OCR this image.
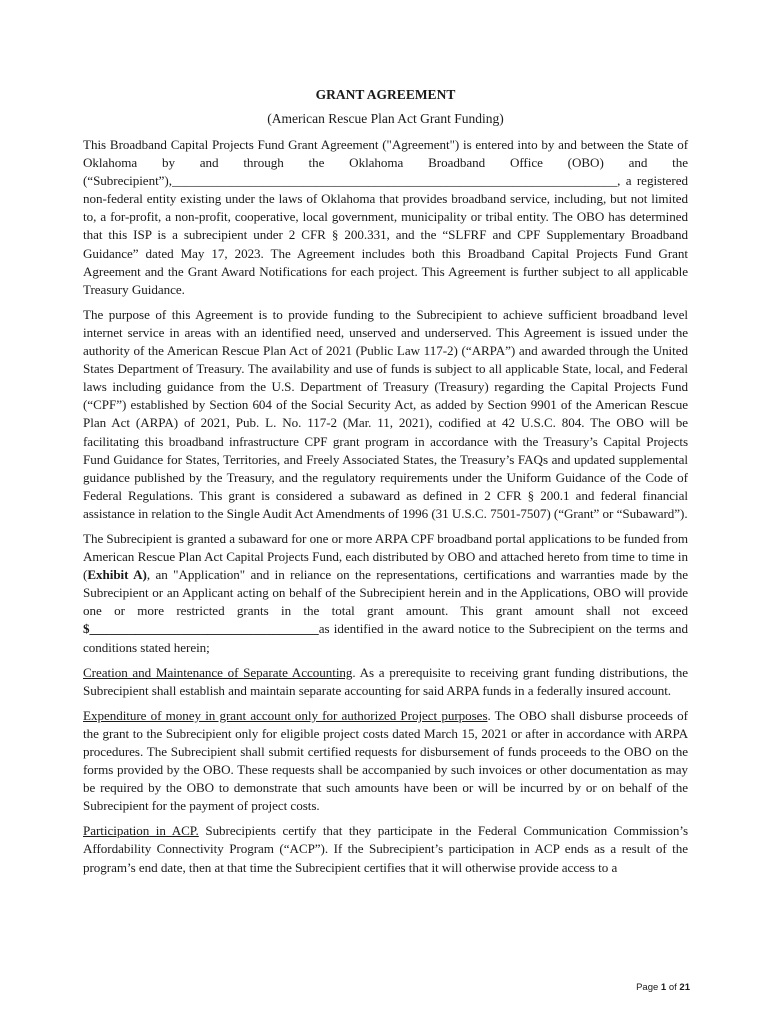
GRANT AGREEMENT
(American Rescue Plan Act Grant Funding)

This Broadband Capital Projects Fund Grant Agreement ("Agreement") is entered into by and between the State of Oklahoma by and through the Oklahoma Broadband Office (OBO) and the (“Subrecipient”),____________________________________________________________________, a registered non-federal entity existing under the laws of Oklahoma that provides broadband service, including, but not limited to, a for-profit, a non-profit, cooperative, local government, municipality or tribal entity. The OBO has determined that this ISP is a subrecipient under 2 CFR § 200.331, and the “SLFRF and CPF Supplementary Broadband Guidance” dated May 17, 2023. The Agreement includes both this Broadband Capital Projects Fund Grant Agreement and the Grant Award Notifications for each project. This Agreement is further subject to all applicable Treasury Guidance.

The purpose of this Agreement is to provide funding to the Subrecipient to achieve sufficient broadband level internet service in areas with an identified need, unserved and underserved. This Agreement is issued under the authority of the American Rescue Plan Act of 2021 (Public Law 117-2) (“ARPA”) and awarded through the United States Department of Treasury. The availability and use of funds is subject to all applicable State, local, and Federal laws including guidance from the U.S. Department of Treasury (Treasury) regarding the Capital Projects Fund (“CPF”) established by Section 604 of the Social Security Act, as added by Section 9901 of the American Rescue Plan Act (ARPA) of 2021, Pub. L. No. 117-2 (Mar. 11, 2021), codified at 42 U.S.C. 804. The OBO will be facilitating this broadband infrastructure CPF grant program in accordance with the Treasury’s Capital Projects Fund Guidance for States, Territories, and Freely Associated States, the Treasury’s FAQs and updated supplemental guidance published by the Treasury, and the regulatory requirements under the Uniform Guidance of the Code of Federal Regulations. This grant is considered a subaward as defined in 2 CFR § 200.1 and federal financial assistance in relation to the Single Audit Act Amendments of 1996 (31 U.S.C. 7501-7507) (“Grant” or “Subaward”).

The Subrecipient is granted a subaward for one or more ARPA CPF broadband portal applications to be funded from American Rescue Plan Act Capital Projects Fund, each distributed by OBO and attached hereto from time to time in (Exhibit A), an "Application" and in reliance on the representations, certifications and warranties made by the Subrecipient or an Applicant acting on behalf of the Subrecipient herein and in the Applications, OBO will provide one or more restricted grants in the total grant amount. This grant amount shall not exceed $___________________________________as identified in the award notice to the Subrecipient on the terms and conditions stated herein;

Creation and Maintenance of Separate Accounting. As a prerequisite to receiving grant funding distributions, the Subrecipient shall establish and maintain separate accounting for said ARPA funds in a federally insured account.

Expenditure of money in grant account only for authorized Project purposes. The OBO shall disburse proceeds of the grant to the Subrecipient only for eligible project costs dated March 15, 2021 or after in accordance with ARPA procedures. The Subrecipient shall submit certified requests for disbursement of funds proceeds to the OBO on the forms provided by the OBO. These requests shall be accompanied by such invoices or other documentation as may be required by the OBO to demonstrate that such amounts have been or will be incurred by or on behalf of the Subrecipient for the payment of project costs.

Participation in ACP. Subrecipients certify that they participate in the Federal Communication Commission’s Affordability Connectivity Program (“ACP”). If the Subrecipient’s participation in ACP ends as a result of the program’s end date, then at that time the Subrecipient certifies that it will otherwise provide access to a

Page 1 of 21
